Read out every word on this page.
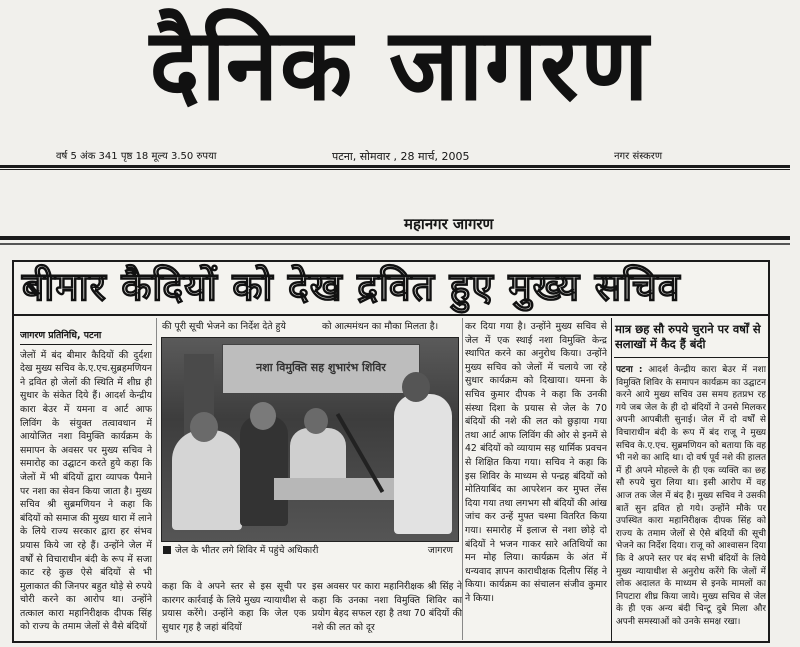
दैनिक जागरण
वर्ष 5 अंक 341 पृष्ठ 18 मूल्य 3.50 रुपया	पटना, सोमवार , 28 मार्च, 2005	नगर संस्करण
महानगर जागरण
बीमार कैदियों को देख द्रवित हुए मुख्य सचिव
जागरण प्रतिनिधि, पटना
जेलों में बंद बीमार कैदियों की दुर्दशा देख मुख्य सचिव के.ए.एच.सुब्रहमणियन ने द्रवित हो जेलों की स्थिति में शीघ्र ही सुधार के संकेत दिये हैं। आदर्श केन्द्रीय कारा बेउर में यमना व आर्ट आफ लिविंग के संयुक्त तत्वावधान में आयोजित नशा विमुक्ति कार्यक्रम के समापन के अवसर पर मुख्य सचिव ने समारोह का उद्घाटन करते हुये कहा कि जेलों में भी बंदियों द्वारा व्यापक पैमाने पर नशा का सेवन किया जाता है। मुख्य सचिव श्री सुब्रमणियन ने कहा कि बंदियों को समाज की मुख्य धारा में लाने के लिये राज्य सरकार द्वारा हर संभव प्रयास किये जा रहे हैं। उन्होंने जेल में वर्षों से विचाराधीन बंदी के रूप में सजा काट रहे कुछ ऐसे बंदियों से भी मुलाकात की जिनपर बहुत थोड़े से रुपये चोरी करने का आरोप था। उन्होंने तत्काल कारा महानिरीक्षक दीपक सिंह को राज्य के तमाम जेलों से वैसे बंदियों
की पूरी सूची भेजने का निर्देश देते हुये	को आत्ममंथन का मौका मिलता है।
नशा विमुक्ति सह शुभारंभ शिविर
जेल के भीतर लगे शिविर में पहुंचे अधिकारी	जागरण
कहा कि वे अपने स्तर से इस सूची पर कारगर कार्रवाई के लिये मुख्य न्यायाधीश से प्रयास करेंगे। उन्होंने कहा कि जेल एक सुधार गृह है जहां बंदियों
इस अवसर पर कारा महानिरीक्षक श्री सिंह ने कहा कि उनका नशा विमुक्ति शिविर का प्रयोग बेहद सफल रहा है तथा 70 बंदियों की नशे की लत को दूर
कर दिया गया है। उन्होंने मुख्य सचिव से जेल में एक स्थाई नशा विमुक्ति केन्द्र स्थापित करने का अनुरोध किया। उन्होंने मुख्य सचिव को जेलों में चलाये जा रहे सुधार कार्यक्रम को दिखाया। यमना के सचिव कुमार दीपक ने कहा कि उनकी संस्था दिशा के प्रयास से जेल के 70 बंदियों की नशे की लत को छुड़ाया गया तथा आर्ट आफ लिविंग की ओर से इनमें से 42 बंदियों को व्यायाम सह धार्मिक प्रवचन से शिक्षित किया गया। सचिव ने कहा कि इस शिविर के माध्यम से पन्द्रह बंदियों को मोतियाबिंद का आपरेशन कर मुफ्त लेंस दिया गया तथा लगभग सौ बंदियों की आंख जांच कर उन्हें मुफ्त चश्मा वितरित किया गया। समारोह में इलाज से नशा छोड़े दो बंदियों ने भजन गाकर सारे अतिथियों का मन मोह लिया। कार्यक्रम के अंत में धन्यवाद ज्ञापन काराधीक्षक दिलीप सिंह ने किया। कार्यक्रम का संचालन संजीव कुमार ने किया।
मात्र छह सौ रुपये चुराने पर वर्षों से सलाखों में कैद हैं बंदी
पटना : आदर्श केन्द्रीय कारा बेउर में नशा विमुक्ति शिविर के समापन कार्यक्रम का उद्घाटन करने आये मुख्य सचिव उस समय हतप्रभ रह गये जब जेल के ही दो बंदियों ने उनसे मिलकर अपनी आपबीती सुनाई। जेल में दो वर्षों से विचाराधीन बंदी के रूप में बंद राजू ने मुख्य सचिव के.ए.एच. सुब्रमणियन को बताया कि वह भी नशे का आदि था। दो वर्ष पूर्व नशे की हालत में ही अपने मोहल्ले के ही एक व्यक्ति का छह सौ रुपये चुरा लिया था। इसी आरोप में वह आज तक जेल में बंद है। मुख्य सचिव ने उसकी बातें सुन द्रवित हो गये। उन्होंने मौके पर उपस्थित कारा महानिरीक्षक दीपक सिंह को राज्य के तमाम जेलों से ऐसे बंदियों की सूची भेजने का निर्देश दिया। राजू को आश्वासन दिया कि वे अपने स्तर पर बंद सभी बंदियों के लिये मुख्य न्यायाधीश से अनुरोध करेंगे कि जेलों में लोक अदालत के माध्यम से इनके मामलों का निपटारा शीघ्र किया जाये। मुख्य सचिव से जेल के ही एक अन्य बंदी चिन्टू दुबे मिला और अपनी समस्याओं को उनके समक्ष रखा।
